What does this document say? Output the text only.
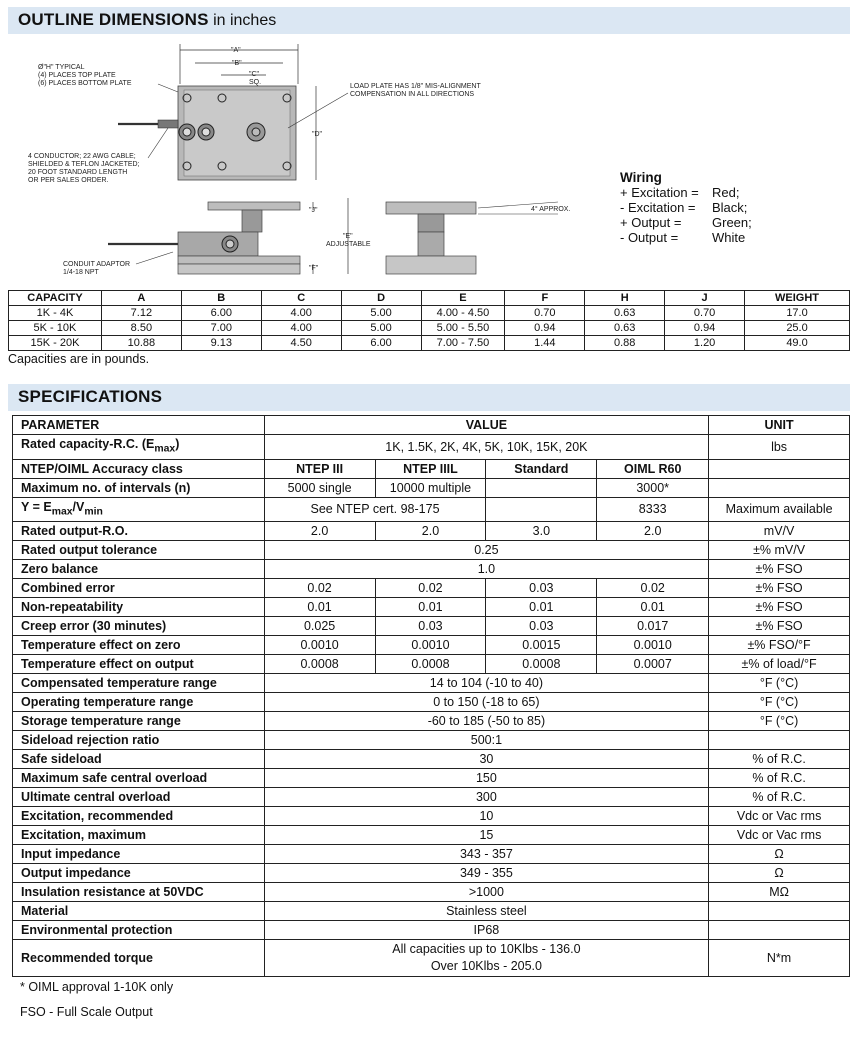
OUTLINE DIMENSIONS in inches
"A"
"B"
"C"
SQ.
Ø"H" TYPICAL
(4) PLACES TOP PLATE
(6) PLACES BOTTOM PLATE
"D"
LOAD PLATE HAS 1/8" MIS-ALIGNMENT
COMPENSATION IN ALL DIRECTIONS
4 CONDUCTOR; 22 AWG CABLE;
SHIELDED & TEFLON JACKETED;
20 FOOT STANDARD LENGTH
OR PER SALES ORDER.
"J"
"E"
ADJUSTABLE
"F"
CONDUIT ADAPTOR
1/4-18 NPT
4° APPROX.
Wiring
+ Excitation =	Red;
- Excitation =	Black;
+ Output =	Green;
- Output =	White
CAPACITY	A	B	C	D	E	F	H	J	WEIGHT
1K - 4K	7.12	6.00	4.00	5.00	4.00 - 4.50	0.70	0.63	0.70	17.0
5K - 10K	8.50	7.00	4.00	5.00	5.00 - 5.50	0.94	0.63	0.94	25.0
15K - 20K	10.88	9.13	4.50	6.00	7.00 - 7.50	1.44	0.88	1.20	49.0
Capacities are in pounds.
SPECIFICATIONS
PARAMETER	VALUE				UNIT
Rated capacity-R.C. $(E_{max})$	1K, 1.5K, 2K, 4K, 5K, 10K, 15K, 20K				lbs
NTEP/OIML Accuracy class	NTEP III	NTEP IIIL	Standard	OIML R60	
Maximum no. of intervals (n)	5000 single	10000 multiple		3000*	
$Y = E_{max}/V_{min}$	See NTEP cert. 98-175			8333	Maximum available
Rated output-R.O.	2.0	2.0	3.0	2.0	mV/V
Rated output tolerance	0.25				±% mV/V
Zero balance	1.0				±% FSO
Combined error	0.02	0.02	0.03	0.02	±% FSO
Non-repeatability	0.01	0.01	0.01	0.01	±% FSO
Creep error (30 minutes)	0.025	0.03	0.03	0.017	±% FSO
Temperature effect on zero	0.0010	0.0010	0.0015	0.0010	±% FSO/°F
Temperature effect on output	0.0008	0.0008	0.0008	0.0007	±% of load/°F
Compensated temperature range	14 to 104 (-10 to 40)				°F (°C)
Operating temperature range	0 to 150 (-18 to 65)				°F (°C)
Storage temperature range	-60 to 185 (-50 to 85)				°F (°C)
Sideload rejection ratio	500:1				
Safe sideload	30				% of R.C.
Maximum safe central overload	150				% of R.C.
Ultimate central overload	300				% of R.C.
Excitation, recommended	10				Vdc or Vac rms
Excitation, maximum	15				Vdc or Vac rms
Input impedance	343 - 357				Ω
Output impedance	349 - 355				Ω
Insulation resistance at 50VDC	>1000				MΩ
Material	Stainless steel				
Environmental protection	IP68				
Recommended torque	All capacities up to 10Klbs - 136.0
Over 10Klbs - 205.0				N*m
* OIML approval 1-10K only
FSO - Full Scale Output
